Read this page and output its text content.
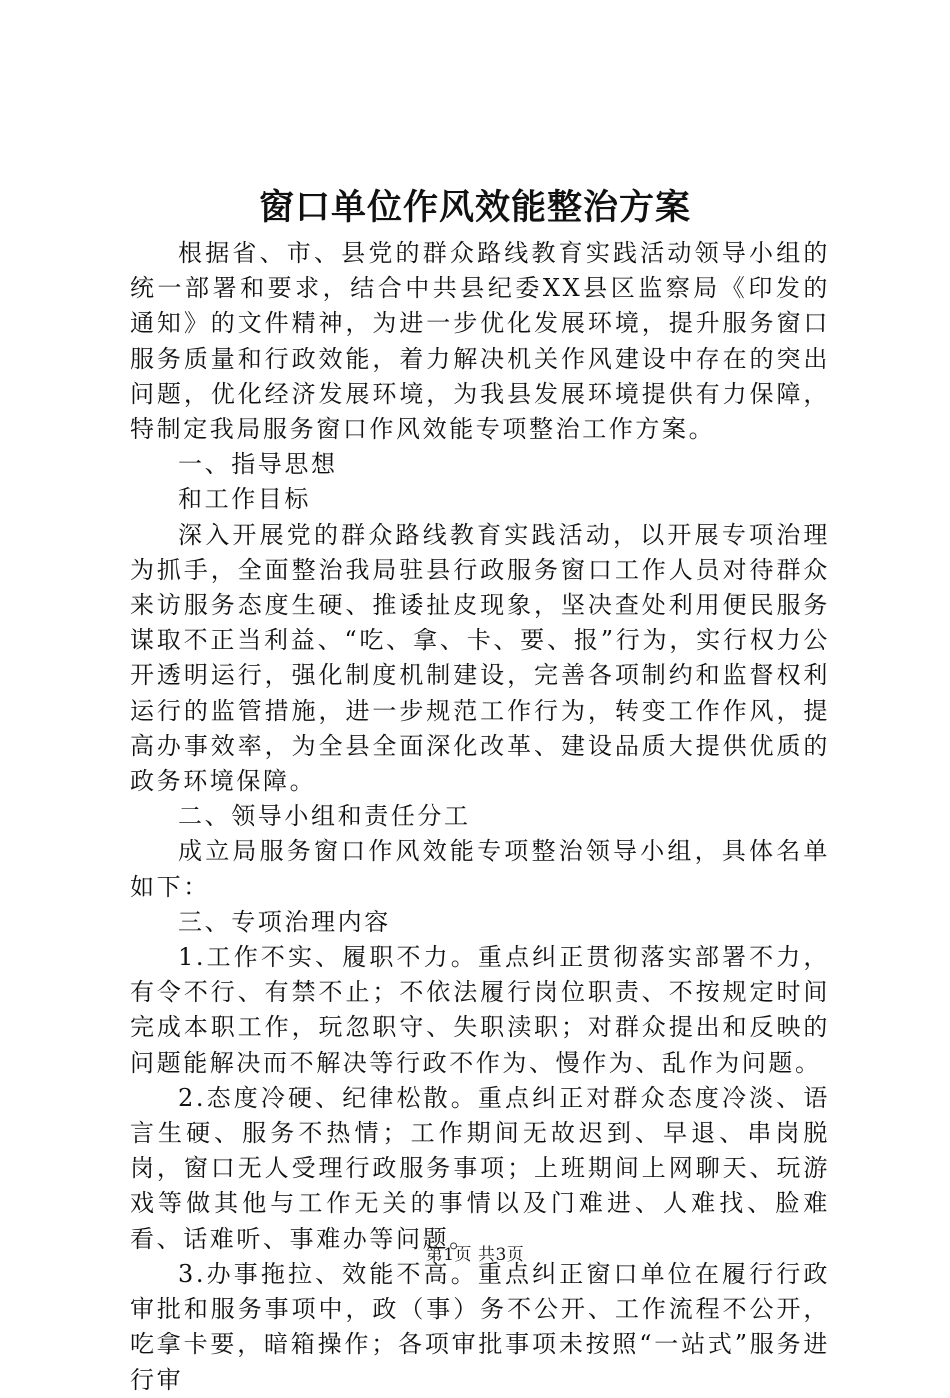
窗口单位作风效能整治方案

根据省、市、县党的群众路线教育实践活动领导小组的统一部署和要求，结合中共县纪委XX县区监察局《印发的通知》的文件精神，为进一步优化发展环境，提升服务窗口服务质量和行政效能，着力解决机关作风建设中存在的突出问题，优化经济发展环境，为我县发展环境提供有力保障，特制定我局服务窗口作风效能专项整治工作方案。

一、指导思想

和工作目标

深入开展党的群众路线教育实践活动，以开展专项治理为抓手，全面整治我局驻县行政服务窗口工作人员对待群众来访服务态度生硬、推诿扯皮现象，坚决查处利用便民服务谋取不正当利益、“吃、拿、卡、要、报”行为，实行权力公开透明运行，强化制度机制建设，完善各项制约和监督权利运行的监管措施，进一步规范工作行为，转变工作作风，提高办事效率，为全县全面深化改革、建设品质大提供优质的政务环境保障。

二、领导小组和责任分工

成立局服务窗口作风效能专项整治领导小组，具体名单如下：

三、专项治理内容

1.工作不实、履职不力。重点纠正贯彻落实部署不力，有令不行、有禁不止；不依法履行岗位职责、不按规定时间完成本职工作，玩忽职守、失职渎职；对群众提出和反映的问题能解决而不解决等行政不作为、慢作为、乱作为问题。

2.态度冷硬、纪律松散。重点纠正对群众态度冷淡、语言生硬、服务不热情；工作期间无故迟到、早退、串岗脱岗，窗口无人受理行政服务事项；上班期间上网聊天、玩游戏等做其他与工作无关的事情以及门难进、人难找、脸难看、话难听、事难办等问题。

3.办事拖拉、效能不高。重点纠正窗口单位在履行行政审批和服务事项中，政（事）务不公开、工作流程不公开，吃拿卡要，暗箱操作；各项审批事项未按照“一站式”服务进行审

第1页 共3页
